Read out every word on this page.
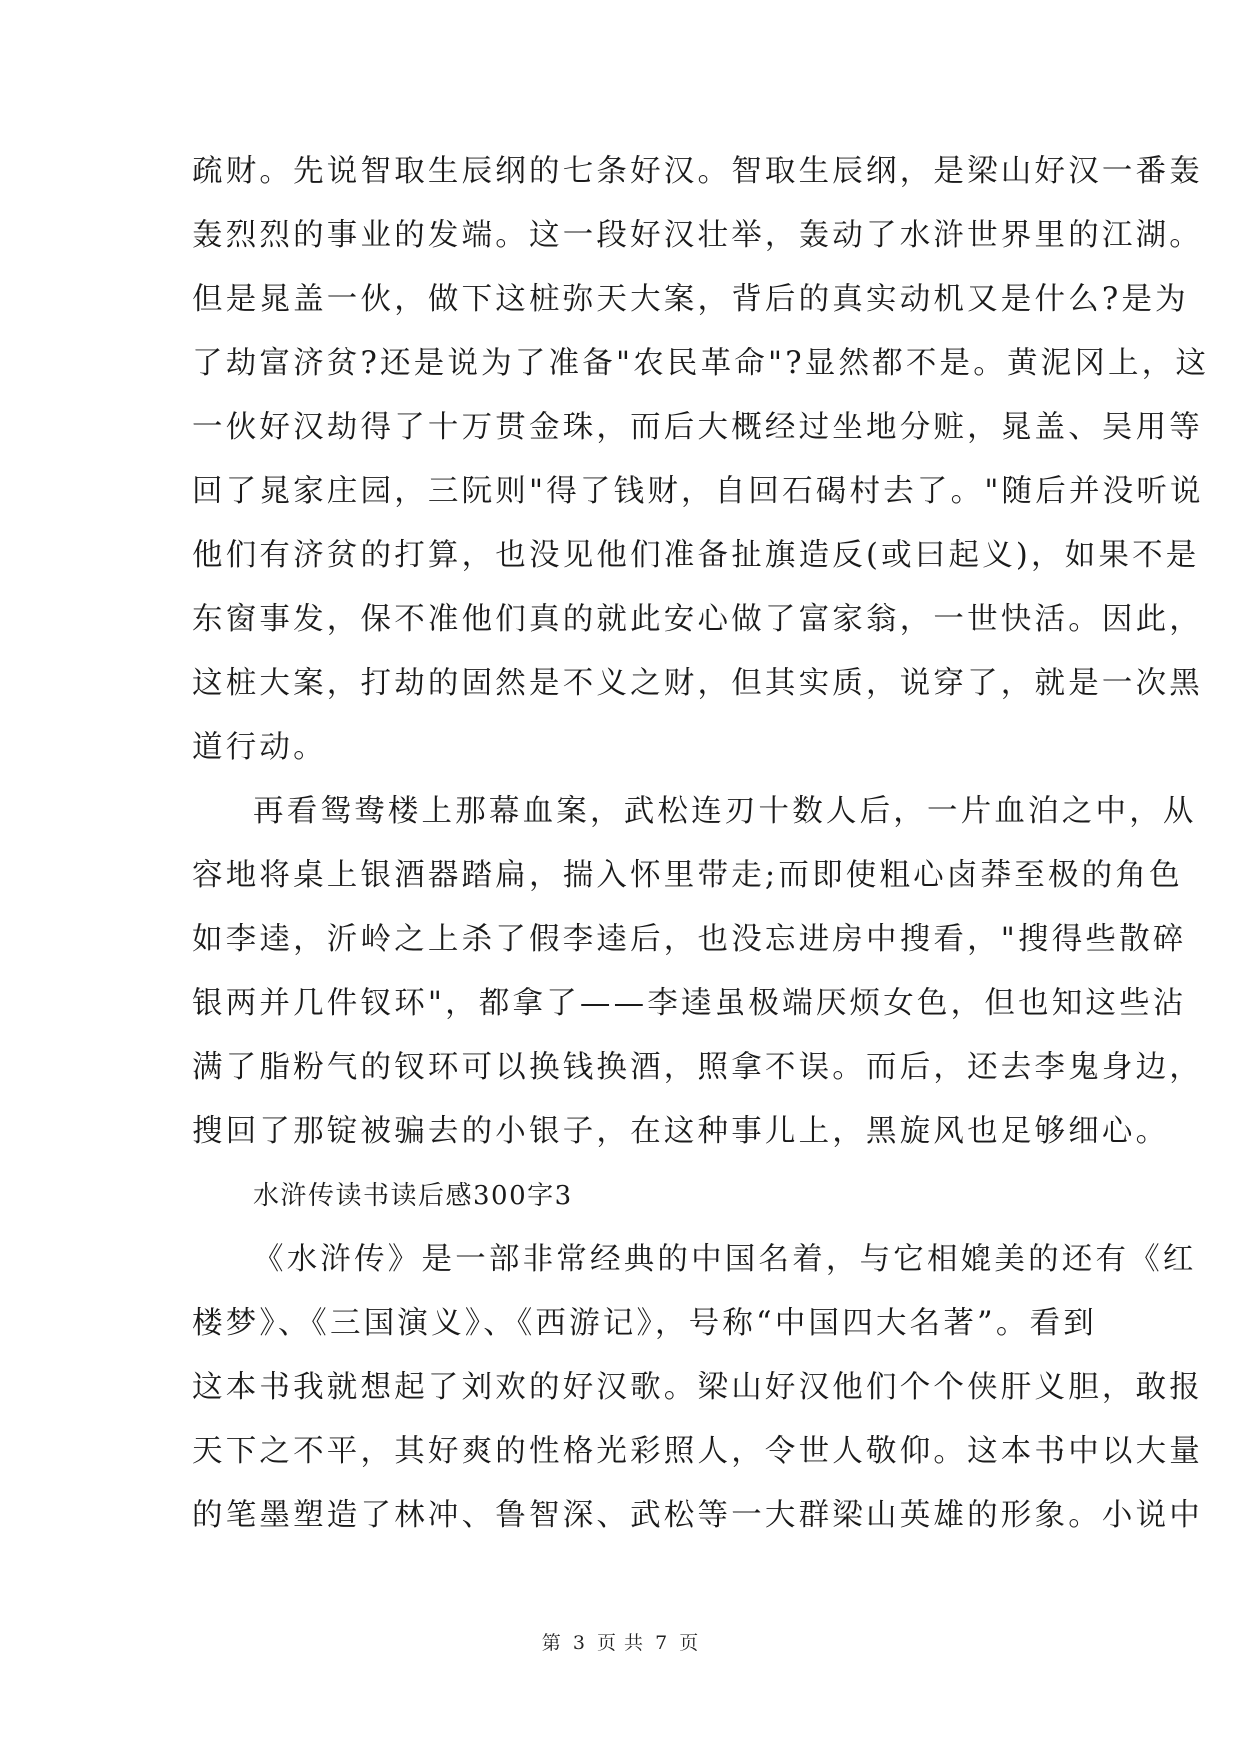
疏财。先说智取生辰纲的七条好汉。智取生辰纲，是梁山好汉一番轰
轰烈烈的事业的发端。这一段好汉壮举，轰动了水浒世界里的江湖。
但是晁盖一伙，做下这桩弥天大案，背后的真实动机又是什么?是为
了劫富济贫?还是说为了准备"农民革命"?显然都不是。黄泥冈上，这
一伙好汉劫得了十万贯金珠，而后大概经过坐地分赃，晁盖、吴用等
回了晁家庄园，三阮则"得了钱财，自回石碣村去了。"随后并没听说
他们有济贫的打算，也没见他们准备扯旗造反(或曰起义)，如果不是
东窗事发，保不准他们真的就此安心做了富家翁，一世快活。因此，
这桩大案，打劫的固然是不义之财，但其实质，说穿了，就是一次黑
道行动。
再看鸳鸯楼上那幕血案，武松连刃十数人后，一片血泊之中，从
容地将桌上银酒器踏扁，揣入怀里带走;而即使粗心卤莽至极的角色
如李逵，沂岭之上杀了假李逵后，也没忘进房中搜看，"搜得些散碎
银两并几件钗环"，都拿了——李逵虽极端厌烦女色，但也知这些沾
满了脂粉气的钗环可以换钱换酒，照拿不误。而后，还去李鬼身边，
搜回了那锭被骗去的小银子，在这种事儿上，黑旋风也足够细心。
水浒传读书读后感300字3
《水浒传》是一部非常经典的中国名着，与它相媲美的还有《红
楼梦》、《三国演义》、《西游记》，号称“中国四大名著”。看到
这本书我就想起了刘欢的好汉歌。梁山好汉他们个个侠肝义胆，敢报
天下之不平，其好爽的性格光彩照人，令世人敬仰。这本书中以大量
的笔墨塑造了林冲、鲁智深、武松等一大群梁山英雄的形象。小说中
第 3 页 共 7 页
